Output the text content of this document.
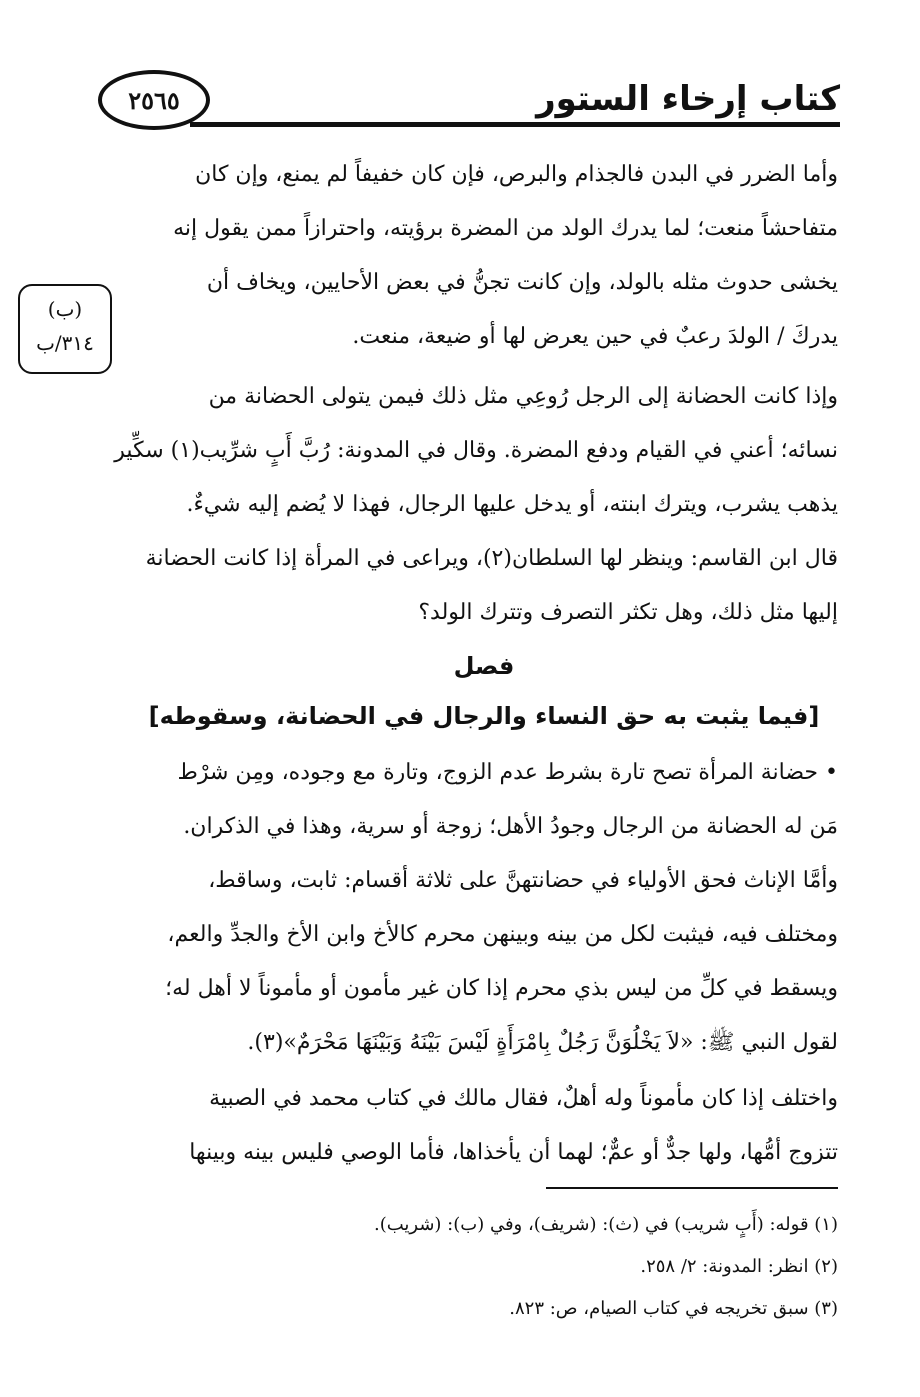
كتاب إرخاء الستور
٢٥٦٥
(ب)
٣١٤/ب
وأما الضرر في البدن فالجذام والبرص، فإن كان خفيفاً لم يمنع، وإن كان
متفاحشاً منعت؛ لما يدرك الولد من المضرة برؤيته، واحترازاً ممن يقول إنه
يخشى حدوث مثله بالولد، وإن كانت تجنُّ في بعض الأحايين، ويخاف أن
يدركَ / الولدَ رعبٌ في حين يعرض لها أو ضيعة، منعت.
وإذا كانت الحضانة إلى الرجل رُوعِي مثل ذلك فيمن يتولى الحضانة من
نسائه؛ أعني في القيام ودفع المضرة. وقال في المدونة: رُبَّ أَبٍ شرِّيب(١) سكِّير
يذهب يشرب، ويترك ابنته، أو يدخل عليها الرجال، فهذا لا يُضم إليه شيءٌ.
قال ابن القاسم: وينظر لها السلطان(٢)، ويراعى في المرأة إذا كانت الحضانة
إليها مثل ذلك، وهل تكثر التصرف وتترك الولد؟
فصل
[فيما يثبت به حق النساء والرجال في الحضانة، وسقوطه]
• حضانة المرأة تصح تارة بشرط عدم الزوج، وتارة مع وجوده، ومِن شرْط
مَن له الحضانة من الرجال وجودُ الأهل؛ زوجة أو سرية، وهذا في الذكران.
وأمَّا الإناث فحق الأولياء في حضانتهنَّ على ثلاثة أقسام: ثابت، وساقط،
ومختلف فيه، فيثبت لكل من بينه وبينهن محرم كالأخ وابن الأخ والجدِّ والعم،
ويسقط في كلِّ من ليس بذي محرم إذا كان غير مأمون أو مأموناً لا أهل له؛
لقول النبي ﷺ: «لاَ يَخْلُوَنَّ رَجُلٌ بِامْرَأَةٍ لَيْسَ بَيْنَهُ وَبَيْنَهَا مَحْرَمٌ»(٣).
واختلف إذا كان مأموناً وله أهلٌ، فقال مالك في كتاب محمد في الصبية
تتزوج أمُّها، ولها جدٌّ أو عمٌّ؛ لهما أن يأخذاها، فأما الوصي فليس بينه وبينها
(١) قوله: (أَبٍ شريب) في (ث): (شريف)، وفي (ب): (شريب).
(٢) انظر: المدونة: ٢/ ٢٥٨.
(٣) سبق تخريجه في كتاب الصيام، ص: ٨٢٣.
